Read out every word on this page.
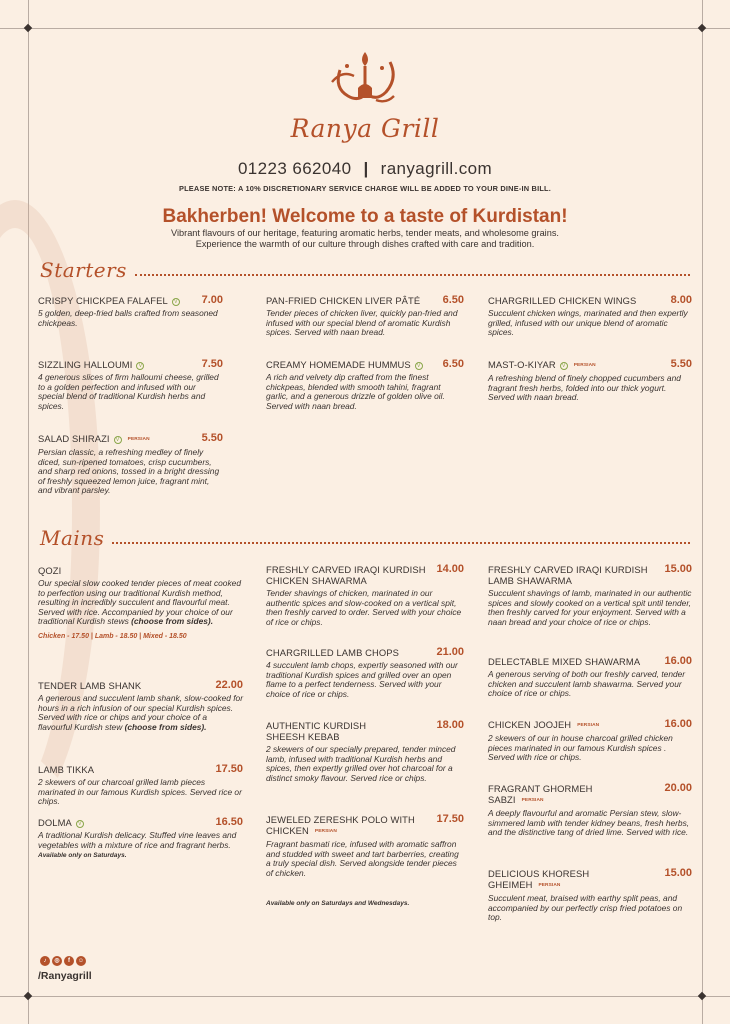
Ranya Grill
01223 662040 | ranyagrill.com
PLEASE NOTE: A 10% DISCRETIONARY SERVICE CHARGE WILL BE ADDED TO YOUR DINE-IN BILL.
Bakherben! Welcome to a taste of Kurdistan!

Vibrant flavours of our heritage, featuring aromatic herbs, tender meats, and wholesome grains.

Experience the warmth of our culture through dishes crafted with care and tradition.

Starters
CRISPY CHICKPEA FALAFEL V 7.00
5 golden, deep-fried balls crafted from seasoned chickpeas.
SIZZLING HALLOUMI V	7.50
4 generous slices of firm halloumi cheese, grilled to a golden perfection and infused with our special blend of traditional Kurdish herbs and spices.
SALAD SHIRAZI V $^{PERSIAN}$	5.50
Persian classic, a refreshing medley of finely diced, sun-ripened tomatoes, crisp cucumbers, and sharp red onions, tossed in a bright dressing of freshly squeezed lemon juice, fragrant mint, and vibrant parsley.
PAN-FRIED CHICKEN LIVER PÂTÉ 6.50
Tender pieces of chicken liver, quickly pan-fried and infused with our special blend of aromatic Kurdish spices. Served with naan bread.
CREAMY HOMEMADE HUMMUS V 6.50
A rich and velvety dip crafted from the finest chickpeas, blended with smooth tahini, fragrant garlic, and a generous drizzle of golden olive oil. Served with naan bread.
CHARGRILLED CHICKEN WINGS	8.00
Succulent chicken wings, marinated and then expertly grilled, infused with our unique blend of aromatic spices.
MAST-O-KIYAR V $^{PERSIAN}$	5.50
A refreshing blend of finely chopped cucumbers and fragrant fresh herbs, folded into our thick yogurt. Served with naan bread.
Mains
QOZI
Our special slow cooked tender pieces of meat cooked to perfection using our traditional Kurdish method, resulting in incredibly succulent and flavourful meat. Served with rice. Accompanied by your choice of our traditional Kurdish stews (choose from sides).
Chicken - 17.50 | Lamb - 18.50 | Mixed - 18.50
TENDER LAMB SHANK	22.00
A generous and succulent lamb shank, slow-cooked for hours in a rich infusion of our special Kurdish spices. Served with rice or chips and your choice of a flavourful Kurdish stew (choose from sides).
LAMB TIKKA	17.50
2 skewers of our charcoal grilled lamb pieces marinated in our famous Kurdish spices. Served rice or chips.
DOLMA V	16.50
A traditional Kurdish delicacy. Stuffed vine leaves and vegetables with a mixture of rice and fragrant herbs.
Available only on Saturdays.
FRESHLY CARVED IRAQI KURDISH CHICKEN SHAWARMA
14.00
Tender shavings of chicken, marinated in our authentic spices and slow-cooked on a vertical spit, then freshly carved to order. Served with your choice of rice or chips.
CHARGRILLED LAMB CHOPS	21.00
4 succulent lamb chops, expertly seasoned with our traditional Kurdish spices and grilled over an open flame to a perfect tenderness. Served with your choice of rice or chips.
AUTHENTIC KURDISH SHEESH KEBAB
18.00
2 skewers of our specially prepared, tender minced lamb, infused with traditional Kurdish herbs and spices, then expertly grilled over hot charcoal for a distinct smoky flavour. Served rice or chips.
JEWELED ZERESHK POLO WITH CHICKEN $^{PERSIAN}$
17.50
Fragrant basmati rice, infused with aromatic saffron and studded with sweet and tart barberries, creating a truly special dish. Served alongside tender pieces of chicken.
Available only on Saturdays and Wednesdays.
FRESHLY CARVED IRAQI KURDISH LAMB SHAWARMA
15.00
Succulent shavings of lamb, marinated in our authentic spices and slowly cooked on a vertical spit until tender, then freshly carved for your enjoyment. Served with a naan bread and your choice of rice or chips.
DELECTABLE MIXED SHAWARMA 16.00
A generous serving of both our freshly carved, tender chicken and succulent lamb shawarma. Served your choice of rice or chips.
CHICKEN JOOJEH $^{PERSIAN}$	16.00
2 skewers of our in house charcoal grilled chicken pieces marinated in our famous Kurdish spices . Served with rice or chips.
FRAGRANT GHORMEH SABZI $^{PERSIAN}$
20.00
A deeply flavourful and aromatic Persian stew, slow-simmered lamb with tender kidney beans, fresh herbs, and the distinctive tang of dried lime. Served with rice.
DELICIOUS KHORESH GHEIMEH $^{PERSIAN}$
15.00
Succulent meat, braised with earthy split peas, and accompanied by our perfectly crisp fried potatoes on top.
♪	◎	f	☺
/Ranyagrill
